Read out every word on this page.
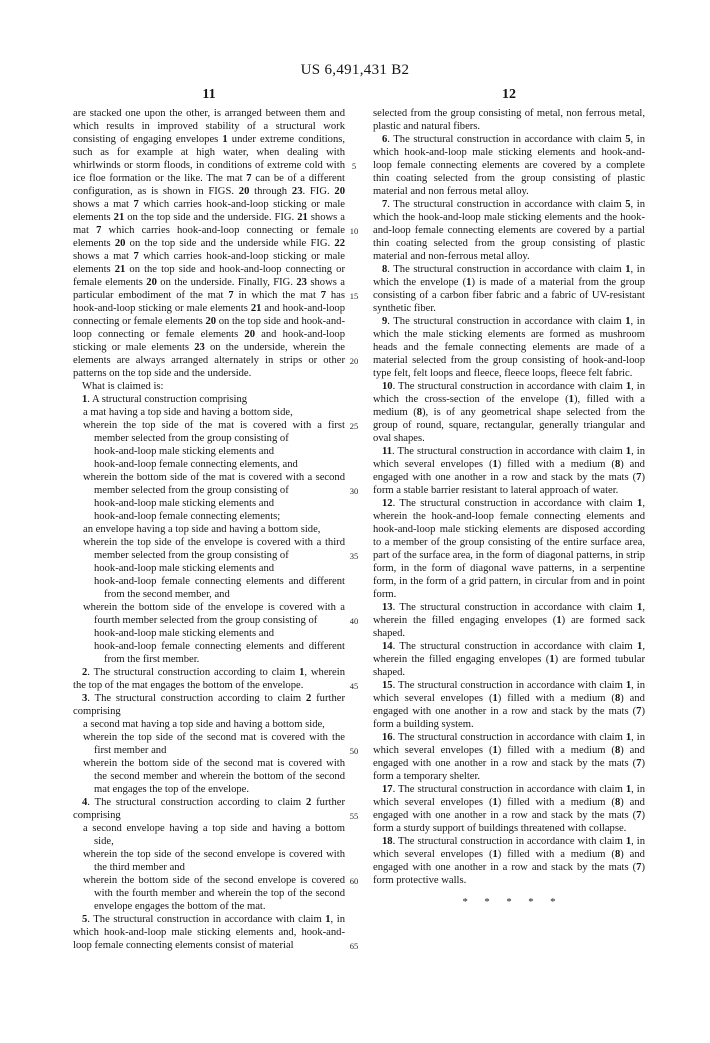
US 6,491,431 B2
11	12
are stacked one upon the other, is arranged between them and which results in improved stability of a structural work consisting of engaging envelopes 1 under extreme conditions, such as for example at high water, when dealing with whirlwinds or storm floods, in conditions of extreme cold with ice floe formation or the like. The mat 7 can be of a different configuration, as is shown in FIGS. 20 through 23. FIG. 20 shows a mat 7 which carries hook-and-loop sticking or male elements 21 on the top side and the underside. FIG. 21 shows a mat 7 which carries hook-and-loop connecting or female elements 20 on the top side and the underside while FIG. 22 shows a mat 7 which carries hook-and-loop sticking or male elements 21 on the top side and hook-and-loop connecting or female elements 20 on the underside. Finally, FIG. 23 shows a particular embodiment of the mat 7 in which the mat 7 has hook-and-loop sticking or male elements 21 and hook-and-loop connecting or female elements 20 on the top side and hook-and-loop connecting or female elements 20 and hook-and-loop sticking or male elements 23 on the underside, wherein the elements are always arranged alternately in strips or other patterns on the top side and the underside.
What is claimed is:
1. A structural construction comprising
a mat having a top side and having a bottom side,
wherein the top side of the mat is covered with a first member selected from the group consisting of
hook-and-loop male sticking elements and
hook-and-loop female connecting elements, and
wherein the bottom side of the mat is covered with a second member selected from the group consisting of
hook-and-loop male sticking elements and
hook-and-loop female connecting elements;
an envelope having a top side and having a bottom side,
wherein the top side of the envelope is covered with a third member selected from the group consisting of
hook-and-loop male sticking elements and
hook-and-loop female connecting elements and different from the second member, and
wherein the bottom side of the envelope is covered with a fourth member selected from the group consisting of
hook-and-loop male sticking elements and
hook-and-loop female connecting elements and different from the first member.
2. The structural construction according to claim 1, wherein the top of the mat engages the bottom of the envelope.
3. The structural construction according to claim 2 further comprising
a second mat having a top side and having a bottom side,
wherein the top side of the second mat is covered with the first member and
wherein the bottom side of the second mat is covered with the second member and wherein the bottom of the second mat engages the top of the envelope.
4. The structural construction according to claim 2 further comprising
a second envelope having a top side and having a bottom side,
wherein the top side of the second envelope is covered with the third member and
wherein the bottom side of the second envelope is covered with the fourth member and wherein the top of the second envelope engages the bottom of the mat.
5. The structural construction in accordance with claim 1, in which hook-and-loop male sticking elements and, hook-and-loop female connecting elements consist of material
selected from the group consisting of metal, non ferrous metal, plastic and natural fibers.
6. The structural construction in accordance with claim 5, in which hook-and-loop male sticking elements and hook-and-loop female connecting elements are covered by a complete thin coating selected from the group consisting of plastic material and non ferrous metal alloy.
7. The structural construction in accordance with claim 5, in which the hook-and-loop male sticking elements and the hook-and-loop female connecting elements are covered by a partial thin coating selected from the group consisting of plastic material and non-ferrous metal alloy.
8. The structural construction in accordance with claim 1, in which the envelope (1) is made of a material from the group consisting of a carbon fiber fabric and a fabric of UV-resistant synthetic fiber.
9. The structural construction in accordance with claim 1, in which the male sticking elements are formed as mushroom heads and the female connecting elements are made of a material selected from the group consisting of hook-and-loop type felt, felt loops and fleece, fleece loops, fleece felt fabric.
10. The structural construction in accordance with claim 1, in which the cross-section of the envelope (1), filled with a medium (8), is of any geometrical shape selected from the group of round, square, rectangular, generally triangular and oval shapes.
11. The structural construction in accordance with claim 1, in which several envelopes (1) filled with a medium (8) and engaged with one another in a row and stack by the mats (7) form a stable barrier resistant to lateral approach of water.
12. The structural construction in accordance with claim 1, wherein the hook-and-loop female connecting elements and hook-and-loop male sticking elements are disposed according to a member of the group consisting of the entire surface area, part of the surface area, in the form of diagonal patterns, in strip form, in the form of diagonal wave patterns, in a serpentine form, in the form of a grid pattern, in circular from and in point form.
13. The structural construction in accordance with claim 1, wherein the filled engaging envelopes (1) are formed sack shaped.
14. The structural construction in accordance with claim 1, wherein the filled engaging envelopes (1) are formed tubular shaped.
15. The structural construction in accordance with claim 1, in which several envelopes (1) filled with a medium (8) and engaged with one another in a row and stack by the mats (7) form a building system.
16. The structural construction in accordance with claim 1, in which several envelopes (1) filled with a medium (8) and engaged with one another in a row and stack by the mats (7) form a temporary shelter.
17. The structural construction in accordance with claim 1, in which several envelopes (1) filled with a medium (8) and engaged with one another in a row and stack by the mats (7) form a sturdy support of buildings threatened with collapse.
18. The structural construction in accordance with claim 1, in which several envelopes (1) filled with a medium (8) and engaged with one another in a row and stack by the mats (7) form protective walls.
* * * * *
5
10
15
20
25
30
35
40
45
50
55
60
65
